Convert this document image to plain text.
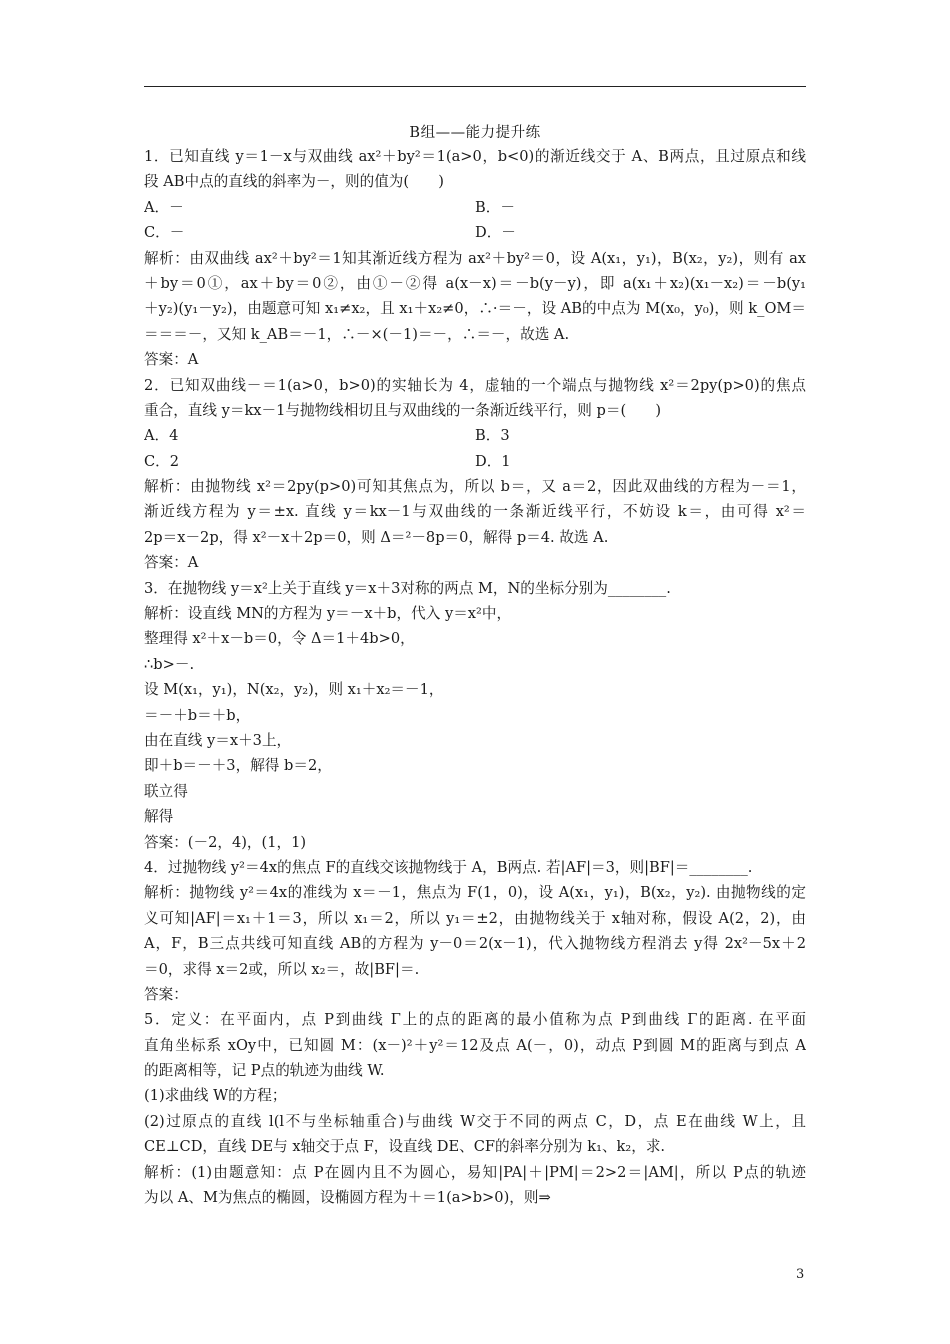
B组——能力提升练
1．已知直线 y＝1－x与双曲线 ax²＋by²＝1(a>0，b<0)的渐近线交于 A、B两点，且过原点和线
段 AB中点的直线的斜率为－，则的值为(　　)
A．－	B．－
C．－	D．－
解析：由双曲线 ax²＋by²＝1知其渐近线方程为 ax²＋by²＝0，设 A(x₁，y₁)，B(x₂，y₂)，则有 ax
＋by＝0①，ax＋by＝0②，由①－②得 a(x－x)＝－b(y－y)，即 a(x₁＋x₂)(x₁－x₂)＝－b(y₁
＋y₂)(y₁－y₂)，由题意可知 x₁≠x₂，且 x₁＋x₂≠0，∴·＝－，设 AB的中点为 M(x₀，y₀)，则 k_OM＝
＝＝＝－，又知 k_AB＝－1，∴－×(－1)＝－，∴＝－，故选 A.
答案：A
2．已知双曲线－＝1(a>0，b>0)的实轴长为 4，虚轴的一个端点与抛物线 x²＝2py(p>0)的焦点
重合，直线 y＝kx－1与抛物线相切且与双曲线的一条渐近线平行，则 p＝(　　)
A．4	B．3
C．2	D．1
解析：由抛物线 x²＝2py(p>0)可知其焦点为，所以 b＝，又 a＝2，因此双曲线的方程为－＝1，
渐近线方程为 y＝±x. 直线 y＝kx－1与双曲线的一条渐近线平行，不妨设 k＝，由可得 x²＝
2p＝x－2p，得 x²－x＋2p＝0，则 Δ＝²－8p＝0，解得 p＝4. 故选 A.
答案：A
3．在抛物线 y＝x²上关于直线 y＝x＋3对称的两点 M，N的坐标分别为________.
解析：设直线 MN的方程为 y＝－x＋b，代入 y＝x²中，
整理得 x²＋x－b＝0，令 Δ＝1＋4b>0，
∴b>－.
设 M(x₁，y₁)，N(x₂，y₂)，则 x₁＋x₂＝－1，
＝－＋b＝＋b，
由在直线 y＝x＋3上，
即＋b＝－＋3，解得 b＝2，
联立得
解得
答案：(－2，4)，(1，1)
4．过抛物线 y²＝4x的焦点 F的直线交该抛物线于 A，B两点. 若|AF|＝3，则|BF|＝________.
解析：抛物线 y²＝4x的准线为 x＝－1，焦点为 F(1，0)，设 A(x₁，y₁)，B(x₂，y₂). 由抛物线的定
义可知|AF|＝x₁＋1＝3，所以 x₁＝2，所以 y₁＝±2，由抛物线关于 x轴对称，假设 A(2，2)，由
A，F，B三点共线可知直线 AB的方程为 y－0＝2(x－1)，代入抛物线方程消去 y得 2x²－5x＋2
＝0，求得 x＝2或，所以 x₂＝，故|BF|＝.
答案：
5．定义：在平面内，点 P到曲线 Γ上的点的距离的最小值称为点 P到曲线 Γ的距离. 在平面
直角坐标系 xOy中，已知圆 M：(x－)²＋y²＝12及点 A(－，0)，动点 P到圆 M的距离与到点 A
的距离相等，记 P点的轨迹为曲线 W.
(1)求曲线 W的方程；
(2)过原点的直线 l(l不与坐标轴重合)与曲线 W交于不同的两点 C，D，点 E在曲线 W上，且
CE⊥CD，直线 DE与 x轴交于点 F，设直线 DE、CF的斜率分别为 k₁、k₂，求.
解析：(1)由题意知：点 P在圆内且不为圆心，易知|PA|＋|PM|＝2>2＝|AM|，所以 P点的轨迹
为以 A、M为焦点的椭圆，设椭圆方程为＋＝1(a>b>0)，则⇒
3
